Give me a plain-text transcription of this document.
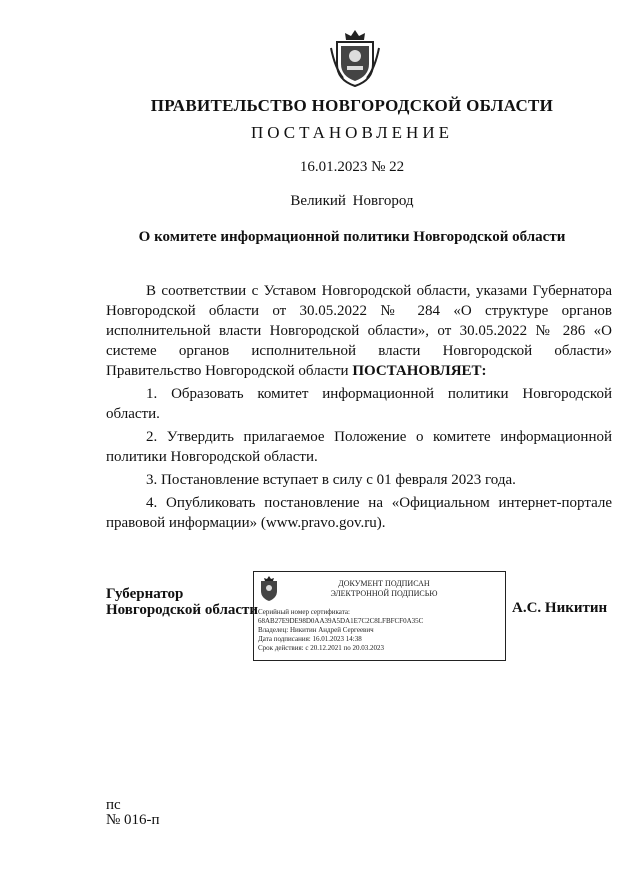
ПРАВИТЕЛЬСТВО НОВГОРОДСКОЙ ОБЛАСТИ
ПОСТАНОВЛЕНИЕ
16.01.2023 № 22
Великий Новгород
О комитете информационной политики Новгородской области

В соответствии с Уставом Новгородской области, указами Губернатора Новгородской области от 30.05.2022 № 284 «О структуре органов исполнительной власти Новгородской области», от 30.05.2022 № 286 «О системе органов исполнительной власти Новгородской области» Правительство Новгородской области ПОСТАНОВЛЯЕТ:

1. Образовать комитет информационной политики Новгородской области.

2. Утвердить прилагаемое Положение о комитете информационной политики Новгородской области.

3. Постановление вступает в силу с 01 февраля 2023 года.

4. Опубликовать постановление на «Официальном интернет-портале правовой информации» (www.pravo.gov.ru).

Губернатор
Новгородской области
ДОКУМЕНТ ПОДПИСАН
ЭЛЕКТРОННОЙ ПОДПИСЬЮ
Серийный номер сертификата:
68AB27E9DE98D0AA39A5DA1E7C2C8LFBFCF0A35C
Владелец: Никитин Андрей Сергеевич
Дата подписания: 16.01.2023 14:38
Срок действия: с 20.12.2021 по 20.03.2023
А.С. Никитин
пс
№ 016-п
